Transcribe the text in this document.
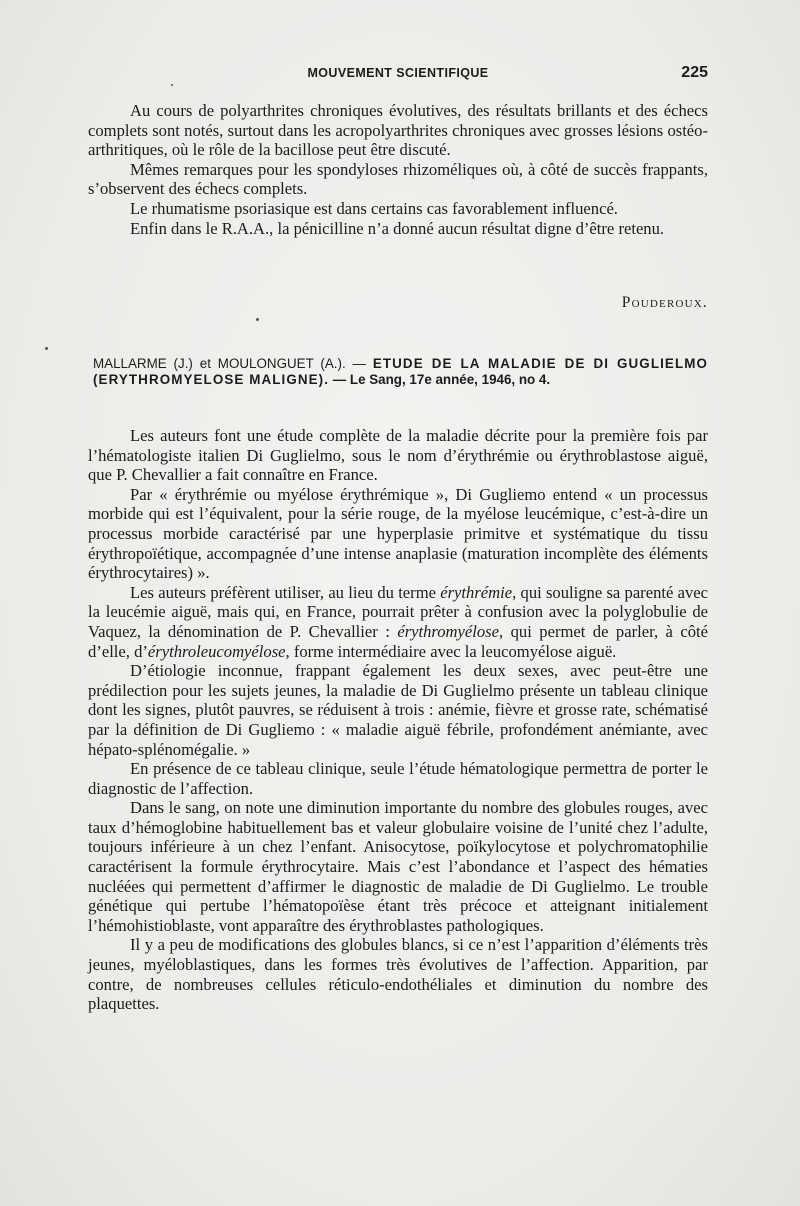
MOUVEMENT SCIENTIFIQUE	225

Au cours de polyarthrites chroniques évolutives, des résultats brillants et des échecs complets sont notés, surtout dans les acropolyarthrites chroniques avec grosses lésions ostéo-arthritiques, où le rôle de la bacillose peut être discuté.

Mêmes remarques pour les spondyloses rhizoméliques où, à côté de succès frappants, s’observent des échecs complets.

Le rhumatisme psoriasique est dans certains cas favorablement influencé.

Enfin dans le R.A.A., la pénicilline n’a donné aucun résultat digne d’être retenu.

Pouderoux.
MALLARME (J.) et MOULONGUET (A.). — ETUDE DE LA MALADIE DE DI GUGLIELMO (ERYTHROMYELOSE MALIGNE). — Le Sang, 17e année, 1946, no 4.

Les auteurs font une étude complète de la maladie décrite pour la première fois par l’hématologiste italien Di Guglielmo, sous le nom d’érythrémie ou érythroblastose aiguë, que P. Chevallier a fait connaître en France.

Par « érythrémie ou myélose érythrémique », Di Gugliemo entend « un processus morbide qui est l’équivalent, pour la série rouge, de la myélose leucémique, c’est-à-dire un processus morbide caractérisé par une hyperplasie primitve et systématique du tissu érythropoïétique, accompagnée d’une intense anaplasie (maturation incomplète des éléments érythrocytaires) ».

Les auteurs préfèrent utiliser, au lieu du terme érythrémie, qui souligne sa parenté avec la leucémie aiguë, mais qui, en France, pourrait prêter à confusion avec la polyglobulie de Vaquez, la dénomination de P. Chevallier : érythromyélose, qui permet de parler, à côté d’elle, d’érythroleucomyélose, forme intermédiaire avec la leucomyélose aiguë.

D’étiologie inconnue, frappant également les deux sexes, avec peut-être une prédilection pour les sujets jeunes, la maladie de Di Guglielmo présente un tableau clinique dont les signes, plutôt pauvres, se réduisent à trois : anémie, fièvre et grosse rate, schématisé par la définition de Di Gugliemo : « maladie aiguë fébrile, profondément anémiante, avec hépato-splénomégalie. »

En présence de ce tableau clinique, seule l’étude hématologique permettra de porter le diagnostic de l’affection.

Dans le sang, on note une diminution importante du nombre des globules rouges, avec taux d’hémoglobine habituellement bas et valeur globulaire voisine de l’unité chez l’adulte, toujours inférieure à un chez l’enfant. Anisocytose, poïkylocytose et polychromatophilie caractérisent la formule érythrocytaire. Mais c’est l’abondance et l’aspect des hématies nucléées qui permettent d’affirmer le diagnostic de maladie de Di Guglielmo. Le trouble génétique qui pertube l’hématopoïèse étant très précoce et atteignant initialement l’hémohistioblaste, vont apparaître des érythroblastes pathologiques.

Il y a peu de modifications des globules blancs, si ce n’est l’apparition d’éléments très jeunes, myéloblastiques, dans les formes très évolutives de l’affection. Apparition, par contre, de nombreuses cellules réticulo-endothéliales et diminution du nombre des plaquettes.
